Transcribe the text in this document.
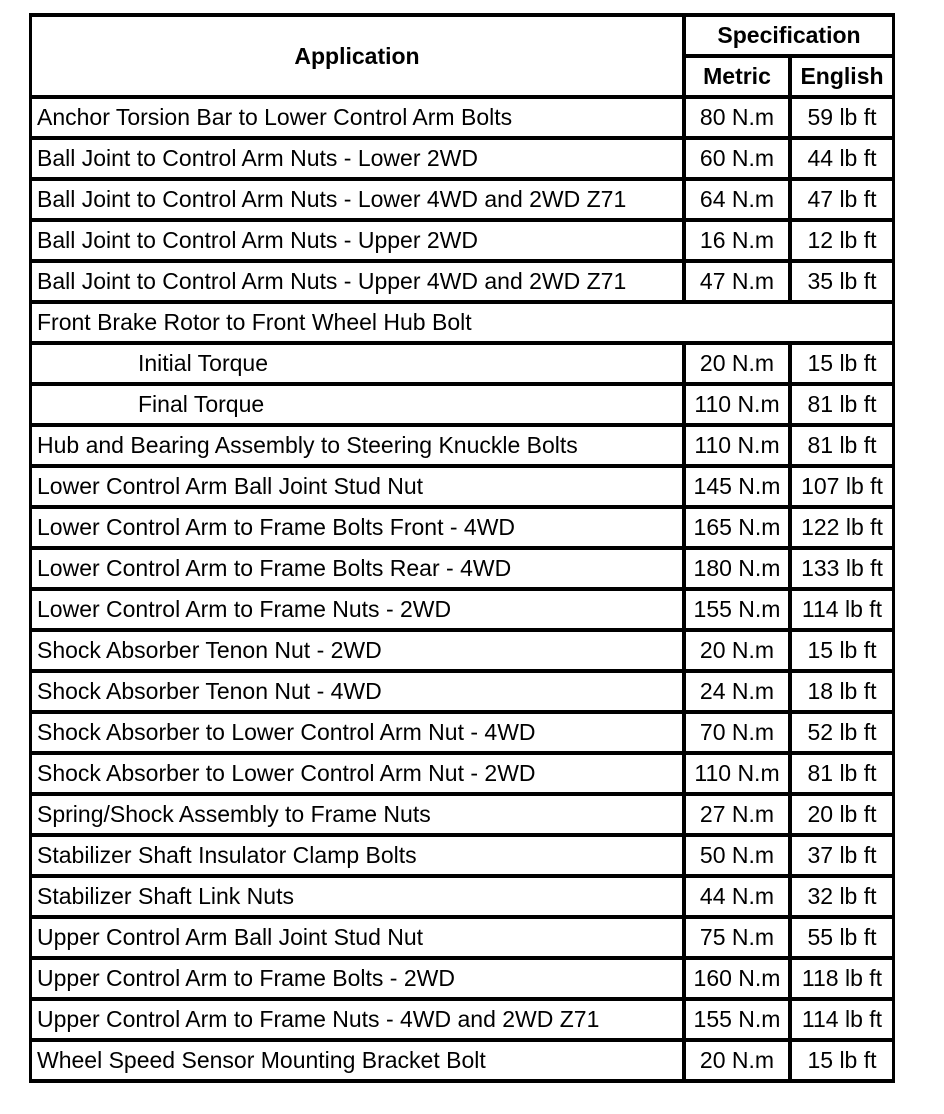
Application	Specification	
	Metric	English
Anchor Torsion Bar to Lower Control Arm Bolts	80 N.m	59 lb ft
Ball Joint to Control Arm Nuts - Lower 2WD	60 N.m	44 lb ft
Ball Joint to Control Arm Nuts - Lower 4WD and 2WD Z71	64 N.m	47 lb ft
Ball Joint to Control Arm Nuts - Upper 2WD	16 N.m	12 lb ft
Ball Joint to Control Arm Nuts - Upper 4WD and 2WD Z71	47 N.m	35 lb ft
Front Brake Rotor to Front Wheel Hub Bolt		
Initial Torque	20 N.m	15 lb ft
Final Torque	110 N.m	81 lb ft
Hub and Bearing Assembly to Steering Knuckle Bolts	110 N.m	81 lb ft
Lower Control Arm Ball Joint Stud Nut	145 N.m	107 lb ft
Lower Control Arm to Frame Bolts Front - 4WD	165 N.m	122 lb ft
Lower Control Arm to Frame Bolts Rear - 4WD	180 N.m	133 lb ft
Lower Control Arm to Frame Nuts - 2WD	155 N.m	114 lb ft
Shock Absorber Tenon Nut - 2WD	20 N.m	15 lb ft
Shock Absorber Tenon Nut - 4WD	24 N.m	18 lb ft
Shock Absorber to Lower Control Arm Nut - 4WD	70 N.m	52 lb ft
Shock Absorber to Lower Control Arm Nut - 2WD	110 N.m	81 lb ft
Spring/Shock Assembly to Frame Nuts	27 N.m	20 lb ft
Stabilizer Shaft Insulator Clamp Bolts	50 N.m	37 lb ft
Stabilizer Shaft Link Nuts	44 N.m	32 lb ft
Upper Control Arm Ball Joint Stud Nut	75 N.m	55 lb ft
Upper Control Arm to Frame Bolts - 2WD	160 N.m	118 lb ft
Upper Control Arm to Frame Nuts - 4WD and 2WD Z71	155 N.m	114 lb ft
Wheel Speed Sensor Mounting Bracket Bolt	20 N.m	15 lb ft
